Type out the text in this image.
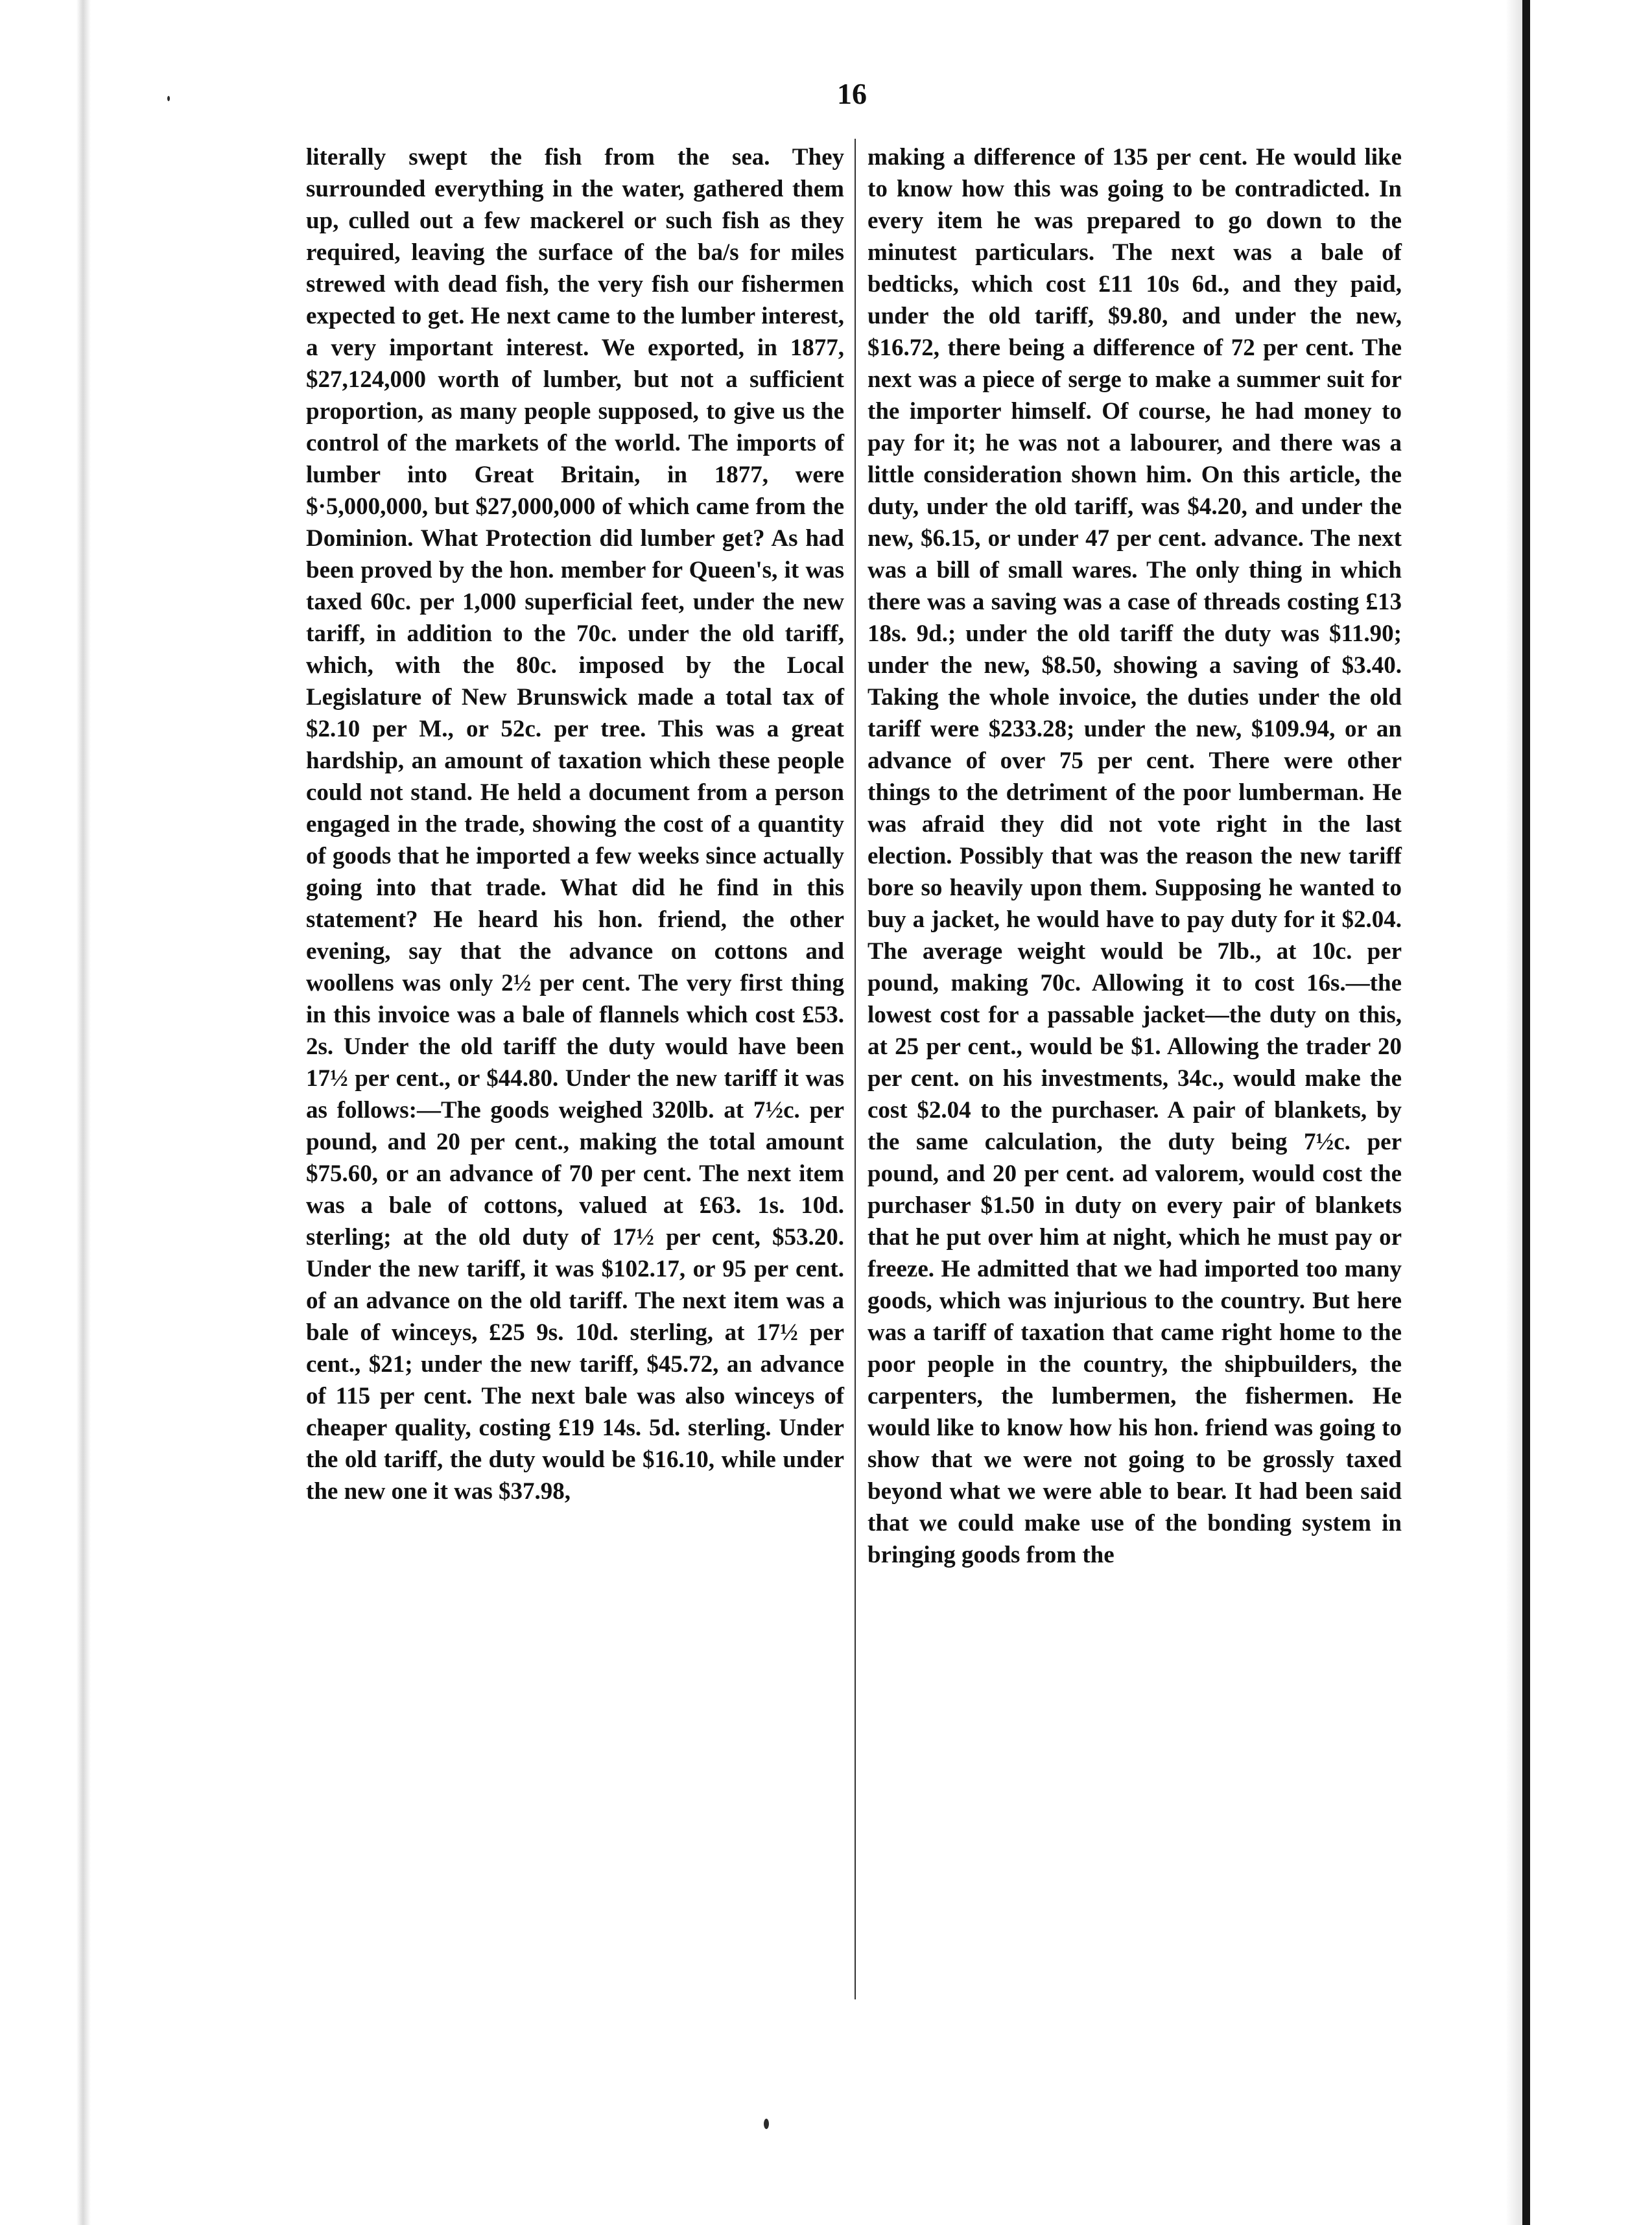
16

literally swept the fish from the sea. They surrounded everything in the water, gathered them up, culled out a few mackerel or such fish as they required, leaving the surface of the ba/s for miles strewed with dead fish, the very fish our fishermen expected to get. He next came to the lumber interest, a very important interest. We exported, in 1877, $27,124,000 worth of lumber, but not a sufficient proportion, as many people supposed, to give us the control of the markets of the world. The imports of lumber into Great Britain, in 1877, were $·5,000,000, but $27,000,000 of which came from the Dominion. What Protection did lumber get? As had been proved by the hon. member for Queen's, it was taxed 60c. per 1,000 superficial feet, under the new tariff, in addition to the 70c. under the old tariff, which, with the 80c. imposed by the Local Legislature of New Brunswick made a total tax of $2.10 per M., or 52c. per tree. This was a great hardship, an amount of taxation which these people could not stand. He held a document from a person engaged in the trade, showing the cost of a quantity of goods that he imported a few weeks since actually going into that trade. What did he find in this statement? He heard his hon. friend, the other evening, say that the advance on cottons and woollens was only 2½ per cent. The very first thing in this invoice was a bale of flannels which cost £53. 2s. Under the old tariff the duty would have been 17½ per cent., or $44.80. Under the new tariff it was as follows:—The goods weighed 320lb. at 7½c. per pound, and 20 per cent., making the total amount $75.60, or an advance of 70 per cent. The next item was a bale of cottons, valued at £63. 1s. 10d. sterling; at the old duty of 17½ per cent, $53.20. Under the new tariff, it was $102.17, or 95 per cent. of an advance on the old tariff. The next item was a bale of winceys, £25 9s. 10d. sterling, at 17½ per cent., $21; under the new tariff, $45.72, an advance of 115 per cent. The next bale was also winceys of cheaper quality, costing £19 14s. 5d. sterling. Under the old tariff, the duty would be $16.10, while under the new one it was $37.98,

making a difference of 135 per cent. He would like to know how this was going to be contradicted. In every item he was prepared to go down to the minutest particulars. The next was a bale of bedticks, which cost £11 10s 6d., and they paid, under the old tariff, $9.80, and under the new, $16.72, there being a difference of 72 per cent. The next was a piece of serge to make a summer suit for the importer himself. Of course, he had money to pay for it; he was not a labourer, and there was a little consideration shown him. On this article, the duty, under the old tariff, was $4.20, and under the new, $6.15, or under 47 per cent. advance. The next was a bill of small wares. The only thing in which there was a saving was a case of threads costing £13 18s. 9d.; under the old tariff the duty was $11.90; under the new, $8.50, showing a saving of $3.40. Taking the whole invoice, the duties under the old tariff were $233.28; under the new, $109.94, or an advance of over 75 per cent. There were other things to the detriment of the poor lumberman. He was afraid they did not vote right in the last election. Possibly that was the reason the new tariff bore so heavily upon them. Supposing he wanted to buy a jacket, he would have to pay duty for it $2.04. The average weight would be 7lb., at 10c. per pound, making 70c. Allowing it to cost 16s.—the lowest cost for a passable jacket—the duty on this, at 25 per cent., would be $1. Allowing the trader 20 per cent. on his investments, 34c., would make the cost $2.04 to the purchaser. A pair of blankets, by the same calculation, the duty being 7½c. per pound, and 20 per cent. ad valorem, would cost the purchaser $1.50 in duty on every pair of blankets that he put over him at night, which he must pay or freeze. He admitted that we had imported too many goods, which was injurious to the country. But here was a tariff of taxation that came right home to the poor people in the country, the shipbuilders, the carpenters, the lumbermen, the fishermen. He would like to know how his hon. friend was going to show that we were not going to be grossly taxed beyond what we were able to bear. It had been said that we could make use of the bonding system in bringing goods from the
